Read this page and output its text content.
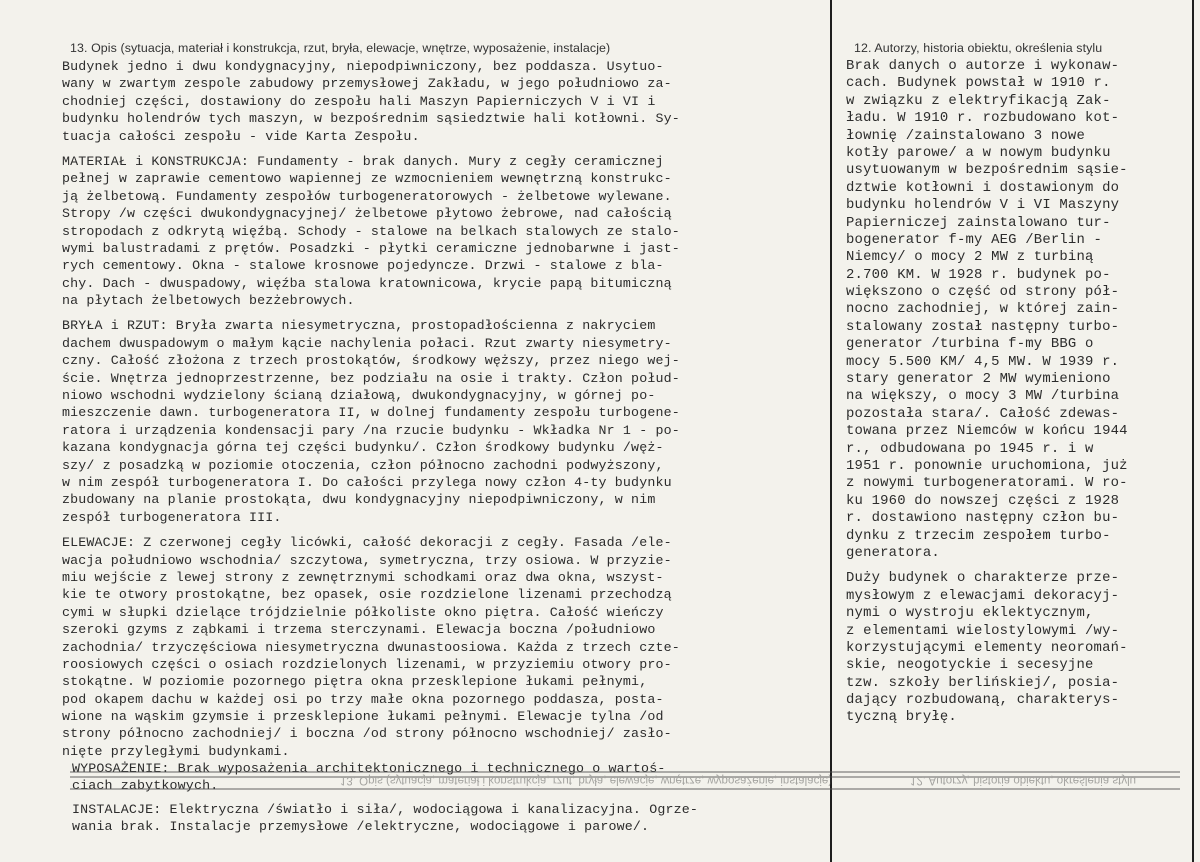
13. Opis (sytuacja, materiał i konstrukcja, rzut, bryła, elewacje, wnętrze, wyposażenie, instalacje)
Budynek jedno i dwu kondygnacyjny, niepodpiwniczony, bez poddasza. Usytuo-
wany w zwartym zespole zabudowy przemysłowej Zakładu, w jego południowo za-
chodniej części, dostawiony do zespołu hali Maszyn Papierniczych V i VI i
budynku holendrów tych maszyn, w bezpośrednim sąsiedztwie hali kotłowni. Sy-
tuacja całości zespołu - vide Karta Zespołu.
MATERIAŁ i KONSTRUKCJA: Fundamenty - brak danych. Mury z cegły ceramicznej
pełnej w zaprawie cementowo wapiennej ze wzmocnieniem wewnętrzną konstrukc-
ją żelbetową. Fundamenty zespołów turbogeneratorowych - żelbetowe wylewane.
Stropy /w części dwukondygnacyjnej/ żelbetowe płytowo żebrowe, nad całością
stropodach z odkrytą więźbą. Schody - stalowe na belkach stalowych ze stalo-
wymi balustradami z prętów. Posadzki - płytki ceramiczne jednobarwne i jast-
rych cementowy. Okna - stalowe krosnowe pojedyncze. Drzwi - stalowe z bla-
chy. Dach - dwuspadowy, więźba stalowa kratownicowa, krycie papą bitumiczną
na płytach żelbetowych bezżebrowych.
BRYŁA i RZUT: Bryła zwarta niesymetryczna, prostopadłościenna z nakryciem
dachem dwuspadowym o małym kącie nachylenia połaci. Rzut zwarty niesymetry-
czny. Całość złożona z trzech prostokątów, środkowy węższy, przez niego wej-
ście. Wnętrza jednoprzestrzenne, bez podziału na osie i trakty. Człon połud-
niowo wschodni wydzielony ścianą działową, dwukondygnacyjny, w górnej po-
mieszczenie dawn. turbogeneratora II, w dolnej fundamenty zespołu turbogene-
ratora i urządzenia kondensacji pary /na rzucie budynku - Wkładka Nr 1 - po-
kazana kondygnacja górna tej części budynku/. Człon środkowy budynku /węż-
szy/ z posadzką w poziomie otoczenia, człon północno zachodni podwyższony,
w nim zespół turbogeneratora I. Do całości przylega nowy człon 4-ty budynku
zbudowany na planie prostokąta, dwu kondygnacyjny niepodpiwniczony, w nim
zespół turbogeneratora III.
ELEWACJE: Z czerwonej cegły licówki, całość dekoracji z cegły. Fasada /ele-
wacja południowo wschodnia/ szczytowa, symetryczna, trzy osiowa. W przyzie-
miu wejście z lewej strony z zewnętrznymi schodkami oraz dwa okna, wszyst-
kie te otwory prostokątne, bez opasek, osie rozdzielone lizenami przechodzą
cymi w słupki dzielące trójdzielnie półkoliste okno piętra. Całość wieńczy
szeroki gzyms z ząbkami i trzema sterczynami. Elewacja boczna /południowo
zachodnia/ trzyczęściowa niesymetryczna dwunastoosiowa. Każda z trzech czte-
roosiowych części o osiach rozdzielonych lizenami, w przyziemiu otwory pro-
stokątne. W poziomie pozornego piętra okna przesklepione łukami pełnymi,
pod okapem dachu w każdej osi po trzy małe okna pozornego poddasza, posta-
wione na wąskim gzymsie i przesklepione łukami pełnymi. Elewacje tylna /od
strony północno zachodniej/ i boczna /od strony północno wschodniej/ zasło-
nięte przyległymi budynkami.
WYPOSAŻENIE: Brak wyposażenia architektonicznego i technicznego o wartoś-
ciach zabytkowych.
INSTALACJE: Elektryczna /światło i siła/, wodociągowa i kanalizacyjna. Ogrze-
wania brak. Instalacje przemysłowe /elektryczne, wodociągowe i parowe/.
13. Opis (sytuacja, materiał i konstrukcja, rzut, bryła, elewacje, wnętrze, wyposażenie, instalacje)	12. Autorzy, historia obiektu, określenia stylu
12. Autorzy, historia obiektu, określenia stylu
Brak danych o autorze i wykonaw-
cach. Budynek powstał w 1910 r.
w związku z elektryfikacją Zak-
ładu. W 1910 r. rozbudowano kot-
łownię /zainstalowano 3 nowe
kotły parowe/ a w nowym budynku
usytuowanym w bezpośrednim sąsie-
dztwie kotłowni i dostawionym do
budynku holendrów V i VI Maszyny
Papierniczej zainstalowano tur-
bogenerator f-my AEG /Berlin -
Niemcy/ o mocy 2 MW z turbiną
2.700 KM. W 1928 r. budynek po-
większono o część od strony pół-
nocno zachodniej, w której zain-
stalowany został następny turbo-
generator /turbina f-my BBG o
mocy 5.500 KM/ 4,5 MW. W 1939 r.
stary generator 2 MW wymieniono
na większy, o mocy 3 MW /turbina
pozostała stara/. Całość zdewas-
towana przez Niemców w końcu 1944
r., odbudowana po 1945 r. i w
1951 r. ponownie uruchomiona, już
z nowymi turbogeneratorami. W ro-
ku 1960 do nowszej części z 1928
r. dostawiono następny człon bu-
dynku z trzecim zespołem turbo-
generatora.
Duży budynek o charakterze prze-
mysłowym z elewacjami dekoracyj-
nymi o wystroju eklektycznym,
z elementami wielostylowymi /wy-
korzystującymi elementy neoromań-
skie, neogotyckie i secesyjne
tzw. szkoły berlińskiej/, posia-
dający rozbudowaną, charakterys-
tyczną bryłę.
